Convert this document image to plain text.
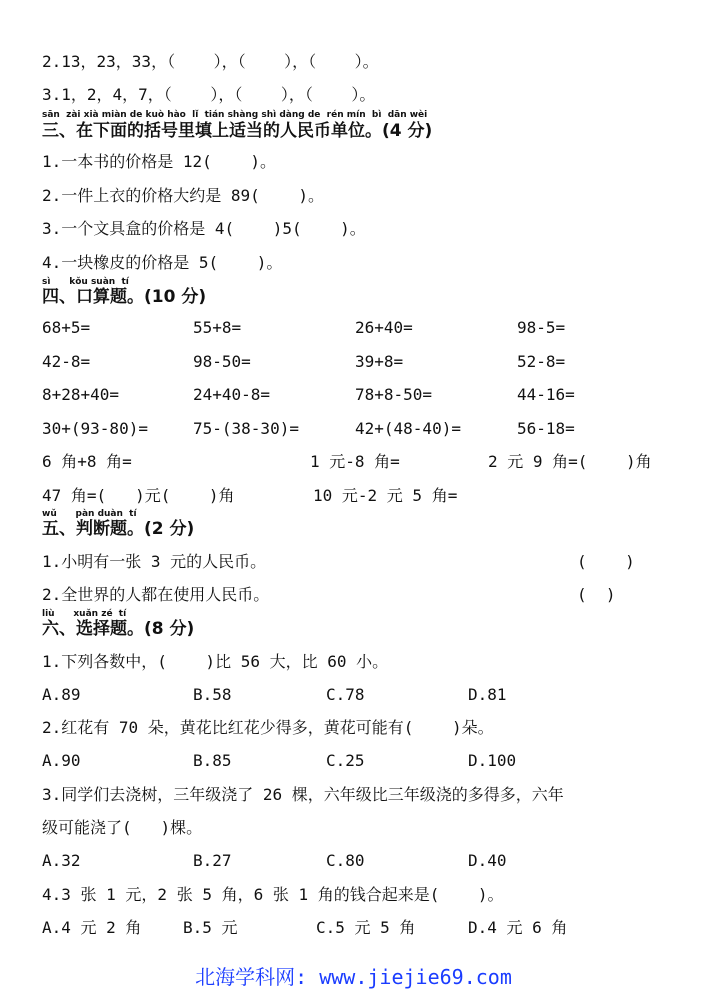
2.13，23，33，（    ），（    ），（    ）。
3.1，2，4，7，（    ），（    ），（    ）。
sān  zài xià miàn de kuò hào  lǐ  tián shàng shì dàng de  rén mín  bì  dān wèi
三、在下面的括号里填上适当的人民币单位。(4 分)
1.一本书的价格是 12(    )。
2.一件上衣的价格大约是 89(    )。
3.一个文具盒的价格是 4(    )5(    )。
4.一块橡皮的价格是 5(    )。
sì      kǒu suàn  tí
四、口算题。(10 分)
68+5=	55+8=	26+40=	98-5=
42-8=	98-50=	39+8=	52-8=
8+28+40=	24+40-8=	78+8-50=	44-16=
30+(93-80)=	75-(38-30)=	42+(48-40)=	56-18=
6 角+8 角=	1 元-8 角=	2 元 9 角=(    )角
47 角=(   )元(    )角	10 元-2 元 5 角=
wǔ      pàn duàn  tí
五、判断题。(2 分)
1.小明有一张 3 元的人民币。	(    )
2.全世界的人都在使用人民币。	(  )
liù      xuǎn zé  tí
六、选择题。(8 分)
1.下列各数中，(    )比 56 大，比 60 小。
A.89	B.58	C.78	D.81
2.红花有 70 朵，黄花比红花少得多，黄花可能有(    )朵。
A.90	B.85	C.25	D.100
3.同学们去浇树，三年级浇了 26 棵，六年级比三年级浇的多得多，六年
级可能浇了(   )棵。
A.32	B.27	C.80	D.40
4.3 张 1 元，2 张 5 角，6 张 1 角的钱合起来是(    )。
A.4 元 2 角	B.5 元	C.5 元 5 角	D.4 元 6 角
北海学科网: www.jiejie69.com
